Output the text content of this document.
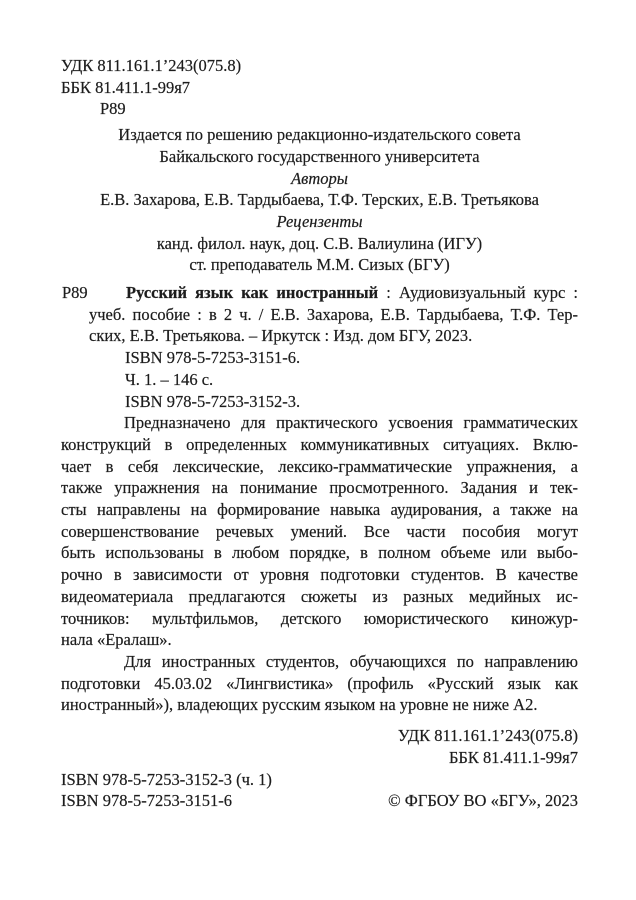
УДК 811.161.1’243(075.8)
ББК 81.411.1-99я7
Р89
Издается по решению редакционно-издательского совета
Байкальского государственного университета
Авторы
Е.В. Захарова, Е.В. Тардыбаева, Т.Ф. Терских, Е.В. Третьякова
Рецензенты
канд. филол. наук, доц. С.В. Валиулина (ИГУ)
ст. преподаватель М.М. Сизых (БГУ)
Р89 Русский язык как иностранный : Аудиовизуальный курс :
учеб. пособие : в 2 ч. / Е.В. Захарова, Е.В. Тардыбаева, Т.Ф. Тер-
ских, Е.В. Третьякова. – Иркутск : Изд. дом БГУ, 2023.
ISBN 978-5-7253-3151-6.
Ч. 1. – 146 с.
ISBN 978-5-7253-3152-3.
Предназначено для практического усвоения грамматических
конструкций в определенных коммуникативных ситуациях. Вклю-
чает в себя лексические, лексико-грамматические упражнения, а
также упражнения на понимание просмотренного. Задания и тек-
сты направлены на формирование навыка аудирования, а также на
совершенствование речевых умений. Все части пособия могут
быть использованы в любом порядке, в полном объеме или выбо-
рочно в зависимости от уровня подготовки студентов. В качестве
видеоматериала предлагаются сюжеты из разных медийных ис-
точников: мультфильмов, детского юмористического киножур-
нала «Ералаш».
Для иностранных студентов, обучающихся по направлению
подготовки 45.03.02 «Лингвистика» (профиль «Русский язык как
иностранный»), владеющих русским языком на уровне не ниже А2.
УДК 811.161.1’243(075.8)
ББК 81.411.1-99я7
ISBN 978-5-7253-3152-3 (ч. 1)
ISBN 978-5-7253-3151-6	© ФГБОУ ВО «БГУ», 2023
